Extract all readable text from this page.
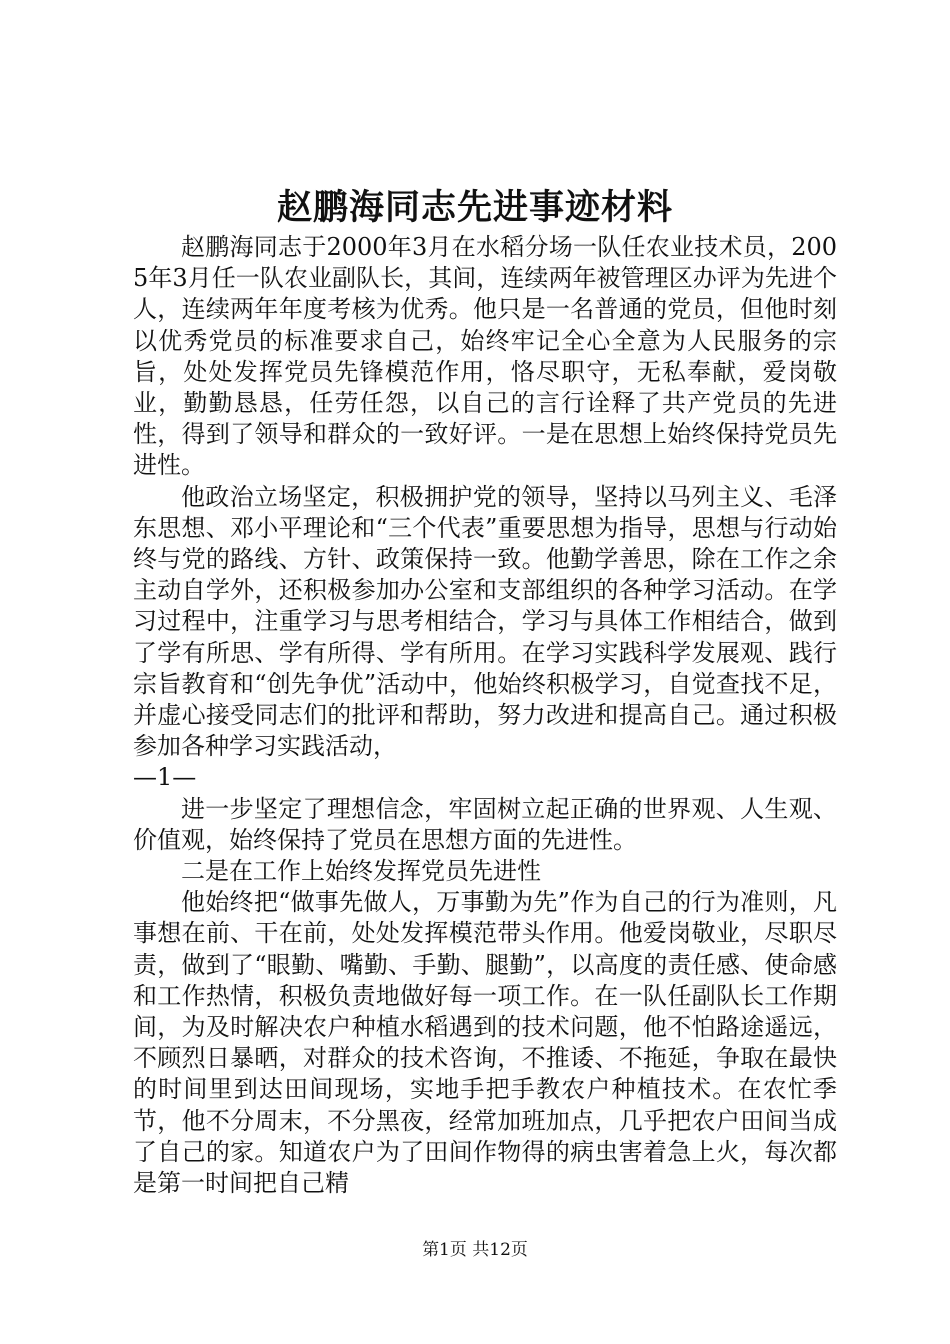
赵鹏海同志先进事迹材料

赵鹏海同志于2000年3月在水稻分场一队任农业技术员，2005年3月任一队农业副队长，其间，连续两年被管理区办评为先进个人，连续两年年度考核为优秀。他只是一名普通的党员，但他时刻以优秀党员的标准要求自己，始终牢记全心全意为人民服务的宗旨，处处发挥党员先锋模范作用，恪尽职守，无私奉献，爱岗敬业，勤勤恳恳，任劳任怨，以自己的言行诠释了共产党员的先进性，得到了领导和群众的一致好评。一是在思想上始终保持党员先进性。

他政治立场坚定，积极拥护党的领导，坚持以马列主义、毛泽东思想、邓小平理论和“三个代表”重要思想为指导，思想与行动始终与党的路线、方针、政策保持一致。他勤学善思，除在工作之余主动自学外，还积极参加办公室和支部组织的各种学习活动。在学习过程中，注重学习与思考相结合，学习与具体工作相结合，做到了学有所思、学有所得、学有所用。在学习实践科学发展观、践行宗旨教育和“创先争优”活动中，他始终积极学习，自觉查找不足，并虚心接受同志们的批评和帮助，努力改进和提高自己。通过积极参加各种学习实践活动，

—1—

进一步坚定了理想信念，牢固树立起正确的世界观、人生观、价值观，始终保持了党员在思想方面的先进性。

二是在工作上始终发挥党员先进性

他始终把“做事先做人，万事勤为先”作为自己的行为准则，凡事想在前、干在前，处处发挥模范带头作用。他爱岗敬业，尽职尽责，做到了“眼勤、嘴勤、手勤、腿勤”，以高度的责任感、使命感和工作热情，积极负责地做好每一项工作。在一队任副队长工作期间，为及时解决农户种植水稻遇到的技术问题，他不怕路途遥远，不顾烈日暴晒，对群众的技术咨询，不推诿、不拖延，争取在最快的时间里到达田间现场，实地手把手教农户种植技术。在农忙季节，他不分周末，不分黑夜，经常加班加点，几乎把农户田间当成了自己的家。知道农户为了田间作物得的病虫害着急上火，每次都是第一时间把自己精

第1页 共12页
